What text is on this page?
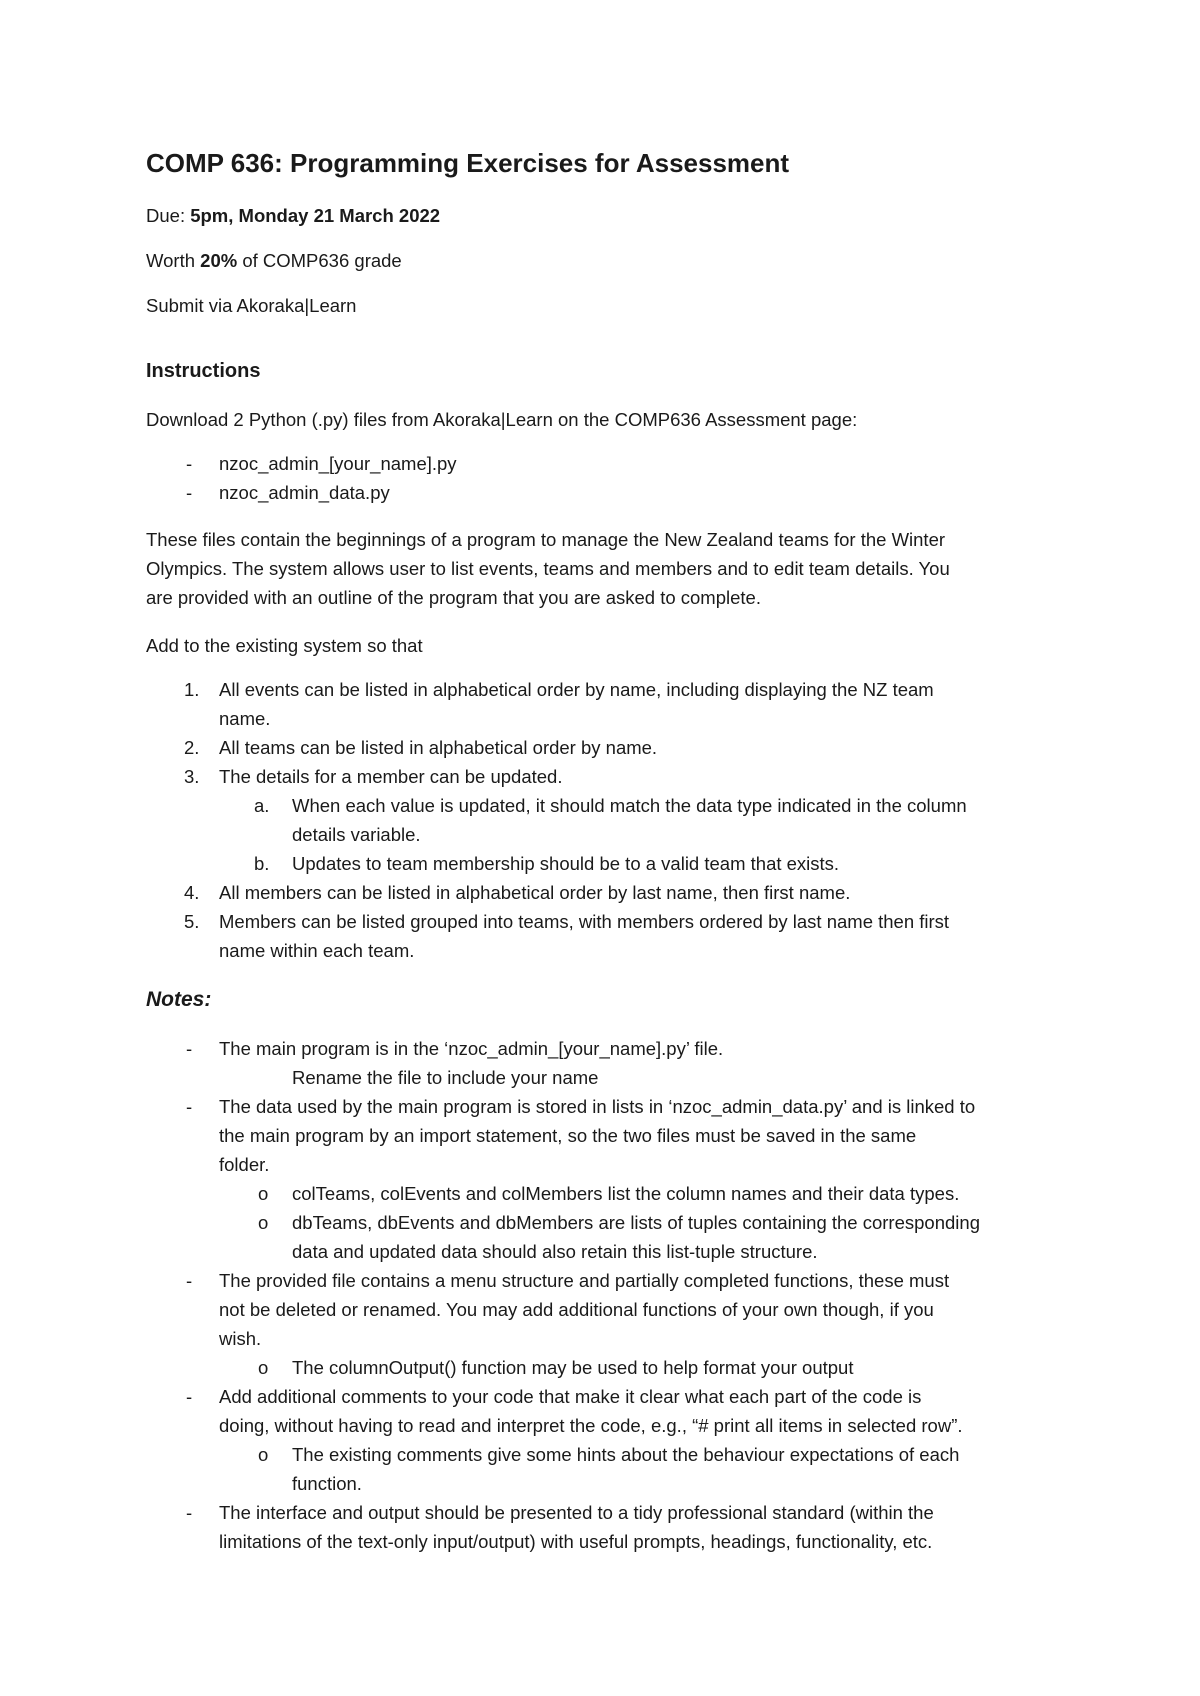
COMP 636: Programming Exercises for Assessment
Due: 5pm, Monday 21 March 2022
Worth 20% of COMP636 grade
Submit via Akoraka|Learn
Instructions
Download 2 Python (.py) files from Akoraka|Learn on the COMP636 Assessment page:
- nzoc_admin_[your_name].py
- nzoc_admin_data.py
These files contain the beginnings of a program to manage the New Zealand teams for the Winter
Olympics. The system allows user to list events, teams and members and to edit team details. You
are provided with an outline of the program that you are asked to complete.
Add to the existing system so that
1. All events can be listed in alphabetical order by name, including displaying the NZ team
name.
2. All teams can be listed in alphabetical order by name.
3. The details for a member can be updated.
a. When each value is updated, it should match the data type indicated in the column
details variable.
b. Updates to team membership should be to a valid team that exists.
4. All members can be listed in alphabetical order by last name, then first name.
5. Members can be listed grouped into teams, with members ordered by last name then first
name within each team.
Notes:
- The main program is in the ‘nzoc_admin_[your_name].py’ file.
Rename the file to include your name
- The data used by the main program is stored in lists in ‘nzoc_admin_data.py’ and is linked to
the main program by an import statement, so the two files must be saved in the same
folder.
o colTeams, colEvents and colMembers list the column names and their data types.
o dbTeams, dbEvents and dbMembers are lists of tuples containing the corresponding
data and updated data should also retain this list-tuple structure.
- The provided file contains a menu structure and partially completed functions, these must
not be deleted or renamed. You may add additional functions of your own though, if you
wish.
o The columnOutput() function may be used to help format your output
- Add additional comments to your code that make it clear what each part of the code is
doing, without having to read and interpret the code, e.g., “# print all items in selected row”.
o The existing comments give some hints about the behaviour expectations of each
function.
- The interface and output should be presented to a tidy professional standard (within the
limitations of the text-only input/output) with useful prompts, headings, functionality, etc.
